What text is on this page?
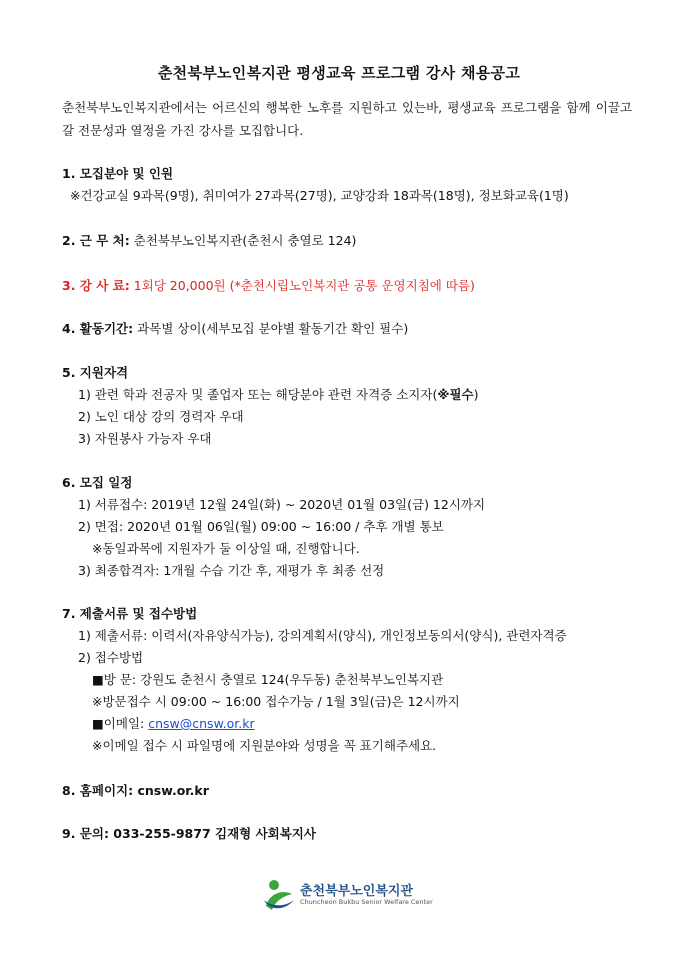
춘천북부노인복지관 평생교육 프로그램 강사 채용공고
춘천북부노인복지관에서는 어르신의 행복한 노후를 지원하고 있는바, 평생교육 프로그램을 함께 이끌고 갈 전문성과 열정을 가진 강사를 모집합니다.
1. 모집분야 및 인원
※건강교실 9과목(9명), 취미여가 27과목(27명), 교양강좌 18과목(18명), 정보화교육(1명)
2. 근 무 처: 춘천북부노인복지관(춘천시 충열로 124)
3. 강 사 료: 1회당 20,000원 (*춘천시립노인복지관 공통 운영지침에 따름)
4. 활동기간: 과목별 상이(세부모집 분야별 활동기간 확인 필수)
5. 지원자격
1) 관련 학과 전공자 및 졸업자 또는 해당분야 관련 자격증 소지자(※필수)
2) 노인 대상 강의 경력자 우대
3) 자원봉사 가능자 우대
6. 모집 일정
1) 서류접수: 2019년 12월 24일(화) ~ 2020년 01월 03일(금) 12시까지
2) 면접: 2020년 01월 06일(월) 09:00 ~ 16:00 / 추후 개별 통보
※동일과목에 지원자가 둘 이상일 때, 진행합니다.
3) 최종합격자: 1개월 수습 기간 후, 재평가 후 최종 선정
7. 제출서류 및 접수방법
1) 제출서류: 이력서(자유양식가능), 강의계획서(양식), 개인정보동의서(양식), 관련자격증
2) 접수방법
■방 문: 강원도 춘천시 충열로 124(우두동) 춘천북부노인복지관
※방문접수 시 09:00 ~ 16:00 접수가능 / 1월 3일(금)은 12시까지
■이메일: cnsw@cnsw.or.kr
※이메일 접수 시 파일명에 지원분야와 성명을 꼭 표기해주세요.
8. 홈페이지: cnsw.or.kr
9. 문의: 033-255-9877 김재형 사회복지사
춘천북부노인복지관
Chuncheon Bukbu Senior Welfare Center
